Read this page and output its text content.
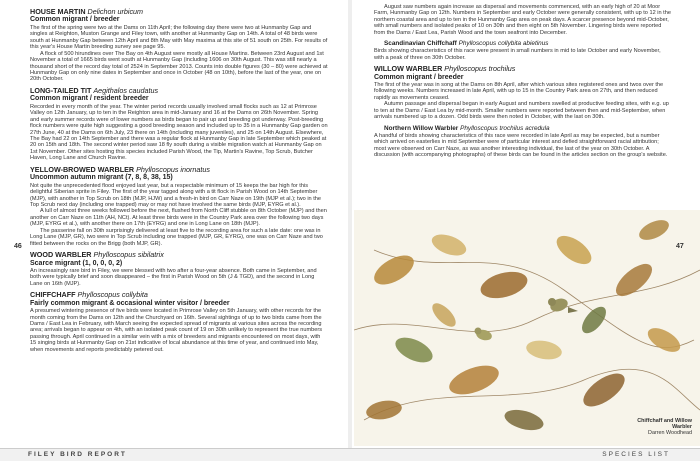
HOUSE MARTIN Delichon urbicum
Common migrant / breeder

The first of the spring were two at the Dams on 11th April; the following day there were two at Hunmanby Gap and singles at Reighton, Muston Grange and Filey town, with another at Hunmanby Gap on 14th. A total of 48 birds were south at Hunmanby Gap between 12th April and 8th May with May maxima at this site of 51 south on 25th. For results of this year's House Martin breeding survey see page 95.

A flock of 500 hirundines over The Bay on 4th August were mostly all House Martins. Between 23rd August and 1st November a total of 1665 birds went south at Hunmanby Gap (including 1606 on 30th August. This was still nearly a thousand short of the record day total of 2524 in September 2013. Counts into double figures (30 – 80) were achieved at Hunmanby Gap on only nine dates in September and once in October (48 on 10th), before the last of the year, one on 20th October.

LONG-TAILED TIT Aegithalos caudatus
Common migrant / resident breeder

Recorded in every month of the year. The winter period records usually involved small flocks such as 12 at Primrose Valley on 12th January, up to ten in the Reighton area in mid-January and 16 at the Dams on 26th November. Spring and early summer records were of lower numbers as birds began to pair up and breeding got underway. Post-breeding flock numbers were quite high suggesting a good breeding season and included up to 35 in a Hunmanby Gap garden on 27th June, 40 at the Dams on 6th July, 23 there on 14th (including many juveniles), and 25 on 14th August. Elsewhere, The Bay had 22 on 14th September and there was a regular flock at Hunmanby Gap in late September which peaked at 20 on 15th and 18th. The second winter period saw 18 fly south during a visible migration watch at Hunmanby Gap on 1st November. Other sites hosting this species included Parish Wood, the Tip, Martin's Ravine, Top Scrub, Butcher Haven, Long Lane and Church Ravine.

YELLOW-BROWED WARBLER Phylloscopus inornatus
Uncommon autumn migrant (7, 8, 8, 38, 15)

Not quite the unprecedented flood enjoyed last year, but a respectable minimum of 15 keeps the bar high for this delightful Siberian sprite in Filey. The first of the year tagged along with a tit flock in Parish Wood on 14th September (MJP), with another in Top Scrub on 18th (MJP, HJW) and a fresh-in bird on Carr Naze on 19th (MJP et al.); two in the Top Scrub next day (including one trapped) may or may not have involved the same birds (MJP, EYRG et al.).

A lull of almost three weeks followed before the next, flushed from North Cliff stubble on 8th October (MJP) and then another on Carr Naze on 11th (AH, NCt). At least three birds were in the Country Park area over the following two days (MJP, EYRG et al.), with another there on 17th (EYRG) and one in Long Lane on 18th (MJP).

The passerine fall on 30th surprisingly delivered at least five to the recording area for such a late date: one was in Long Lane (MJP, GR), two were in Top Scrub including one trapped (MJP, GR, EYRG), one was on Carr Naze and two fitted between the rocks on the Brigg (both MJP, GR).

WOOD WARBLER Phylloscopus sibilatrix
Scarce migrant (1, 0, 0, 0, 2)

An increasingly rare bird in Filey, we were blessed with two after a four-year absence. Both came in September, and both were typically brief and soon disappeared – the first in Parish Wood on 5th (J & TGD), and the second in Long Lane on 16th (MJP).

CHIFFCHAFF Phylloscopus collybita
Fairly common migrant & occasional winter visitor / breeder

A presumed wintering presence of five birds were located in Primrose Valley on 5th January, with other records for the month coming from the Dams on 12th and the Churchyard on 16th. Several sightings of up to two birds came from the Dams / East Lea in February, with March seeing the expected spread of migrants at various sites across the recording area; arrivals began to appear on 4th, with an isolated peak count of 19 on 30th unlikely to represent the true numbers passing through. April continued in a similar vein with a mix of breeders and migrants encountered on most days, with 15 singing birds at Hunmanby Gap on 21st indicative of local abundance at this time of year, and continued into May, when movements and reports predictably petered out.

46

August saw numbers again increase as dispersal and movements commenced, with an early high of 20 at Moor Farm, Hunmanby Gap on 12th. Numbers in September and early October were generally consistent, with up to 12 in the northern coastal area and up to ten in the Hunmanby Gap area on peak days. A scarcer presence beyond mid-October, with small numbers and isolated peaks of 10 on 30th and then eight on 5th November. Lingering birds were reported from the Dams / East Lea, Parish Wood and the town seafront into December.

Scandinavian Chiffchaff Phylloscopus collybita abietinus

Birds showing characteristics of this race were present in small numbers in mid to late October and early November, with a peak of three on 30th October.

WILLOW WARBLER Phylloscopus trochilus
Common migrant / breeder

The first of the year was in song at the Dams on 8th April, after which various sites registered ones and twos over the following weeks. Numbers increased in late April, with up to 15 in the Country Park area on 27th, and then reduced rapidly as movements ceased.

Autumn passage and dispersal began in early August and numbers swelled at productive feeding sites, with e.g. up to ten at the Dams / East Lea by mid-month. Smaller numbers were reported between then and mid-September, when arrivals numbered up to a dozen. Odd birds were then noted in October, with the last on 30th.

Northern Willow Warbler Phylloscopus trochilus acredula

A handful of birds showing characteristics of this race were recorded in late April as may be expected, but a number which arrived on easterlies in mid September were of particular interest and defied straightforward racial attribution; most were observed on Carr Naze, as was another interesting individual, the last of the year on 30th October. A discussion (with accompanying photographs) of these birds can be found in the articles section on the group's website.

Chiffchaff and Willow Warbler
Darren Woodhead
47
FILEY BIRD REPORT	SPECIES LIST
